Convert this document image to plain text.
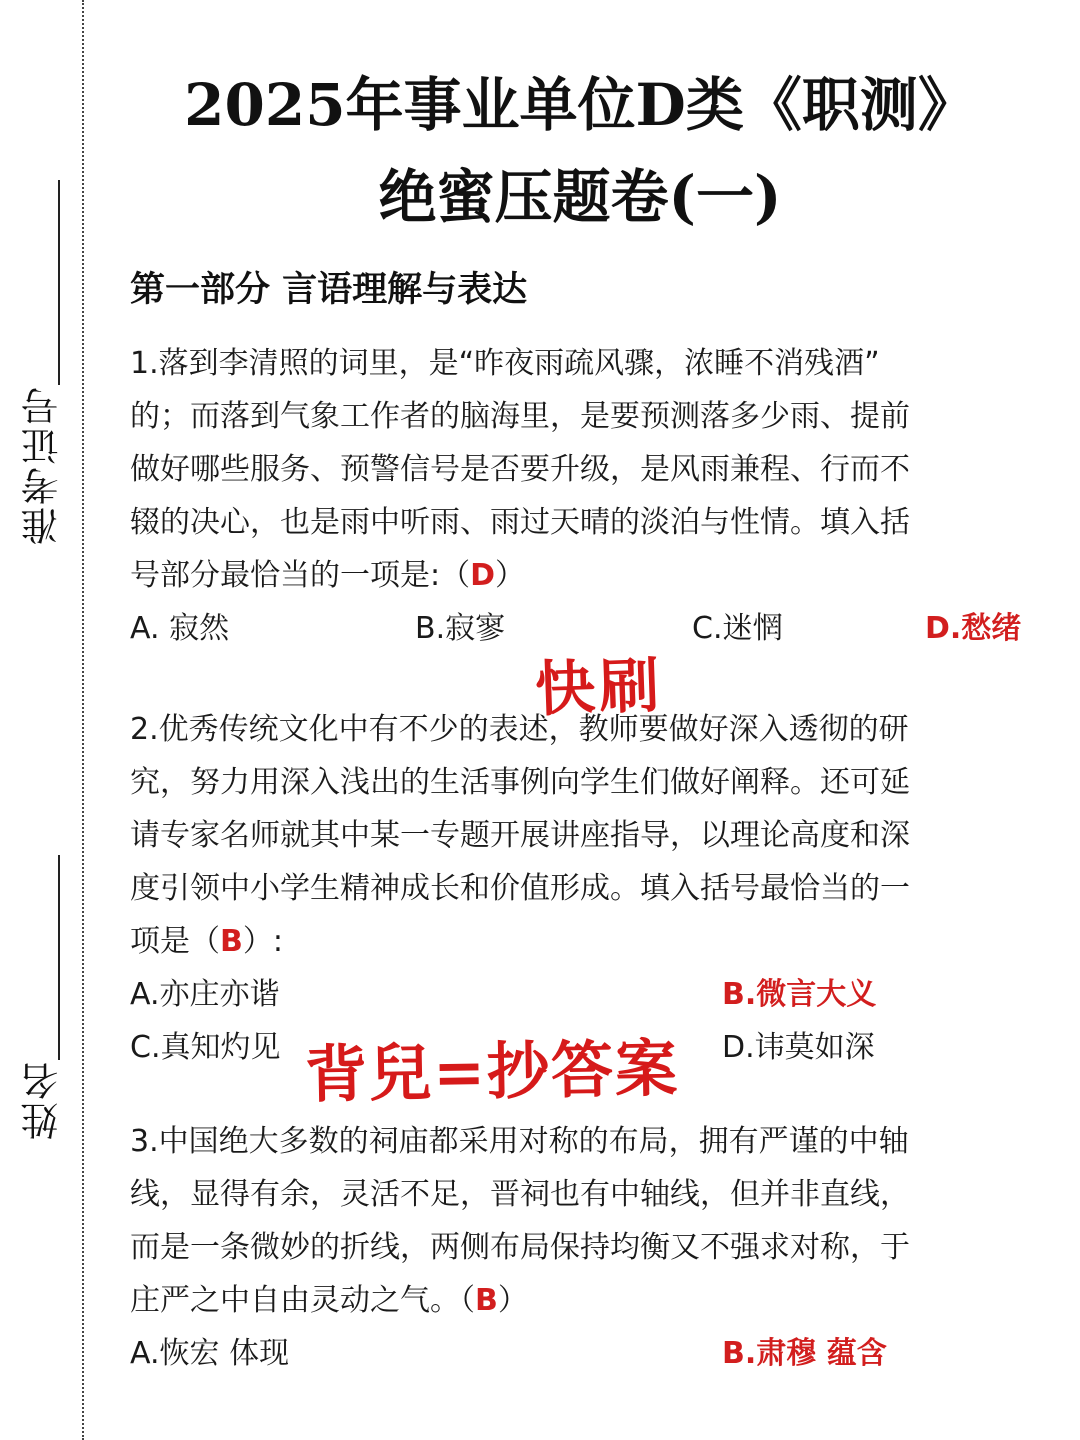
准考证号
姓名
2025年事业单位D类《职测》
绝蜜压题卷(一)
第一部分 言语理解与表达

1.落到李清照的词里，是“昨夜雨疏风骤，浓睡不消残酒”

的；而落到气象工作者的脑海里，是要预测落多少雨、提前

做好哪些服务、预警信号是否要升级，是风雨兼程、行而不

辍的决心，也是雨中听雨、雨过天晴的淡泊与性情。填入括

号部分最恰当的一项是:（D）

A. 寂然	B.寂寥	C.迷惘	D.愁绪
快刷

2.优秀传统文化中有不少的表述，教师要做好深入透彻的研

究，努力用深入浅出的生活事例向学生们做好阐释。还可延

请专家名师就其中某一专题开展讲座指导，以理论高度和深

度引领中小学生精神成长和价值形成。填入括号最恰当的一

项是（B）:

A.亦庄亦谐	B.微言大义
C.真知灼见	D.讳莫如深
背兒=抄答案

3.中国绝大多数的祠庙都采用对称的布局，拥有严谨的中轴

线，显得有余，灵活不足，晋祠也有中轴线，但并非直线，

而是一条微妙的折线，两侧布局保持均衡又不强求对称，于

庄严之中自由灵动之气。（B）

A.恢宏 体现	B.肃穆 蕴含
